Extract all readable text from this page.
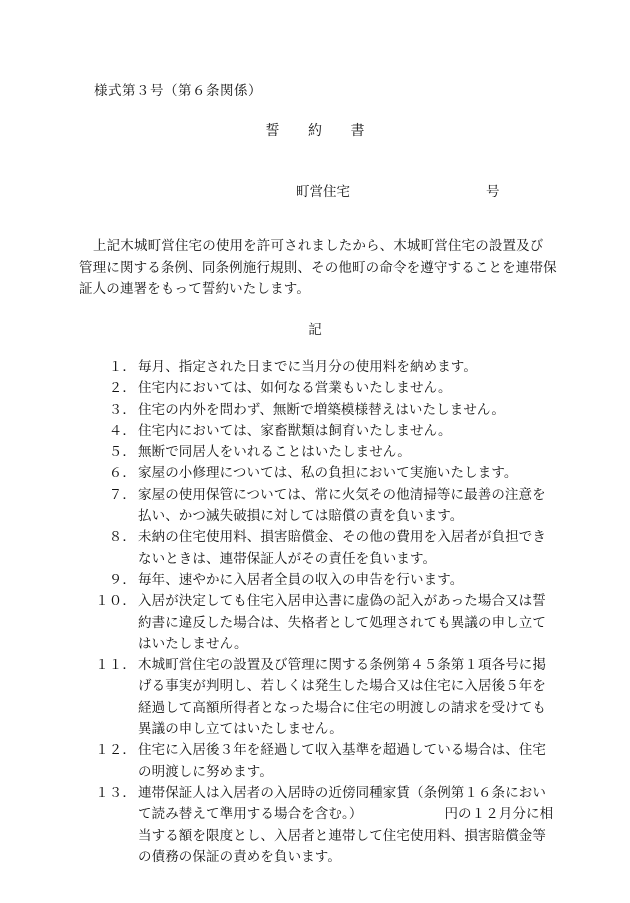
様式第３号（第６条関係）
誓 約 書
町営住宅	号
上記木城町営住宅の使用を許可されましたから、木城町営住宅の設置及び管理に関する条例、同条例施行規則、その他町の命令を遵守することを連帯保証人の連署をもって誓約いたします。
記
１． 毎月、指定された日までに当月分の使用料を納めます。
２． 住宅内においては、如何なる営業もいたしません。
３． 住宅の内外を問わず、無断で増築模様替えはいたしません。
４． 住宅内においては、家畜獣類は飼育いたしません。
５． 無断で同居人をいれることはいたしません。
６． 家屋の小修理については、私の負担において実施いたします。
７． 家屋の使用保管については、常に火気その他清掃等に最善の注意を払い、かつ滅失破損に対しては賠償の責を負います。
８． 未納の住宅使用料、損害賠償金、その他の費用を入居者が負担できないときは、連帯保証人がその責任を負います。
９． 毎年、速やかに入居者全員の収入の申告を行います。
１０． 入居が決定しても住宅入居申込書に虚偽の記入があった場合又は誓約書に違反した場合は、失格者として処理されても異議の申し立てはいたしません。
１１． 木城町営住宅の設置及び管理に関する条例第４５条第１項各号に掲げる事実が判明し、若しくは発生した場合又は住宅に入居後５年を経過して高額所得者となった場合に住宅の明渡しの請求を受けても異議の申し立てはいたしません。
１２． 住宅に入居後３年を経過して収入基準を超過している場合は、住宅の明渡しに努めます。
１３． 連帯保証人は入居者の入居時の近傍同種家賃（条例第１６条において読み替えて準用する場合を含む。）	円の１２月分に相当する額を限度とし、入居者と連帯して住宅使用料、損害賠償金等の債務の保証の責めを負います。
